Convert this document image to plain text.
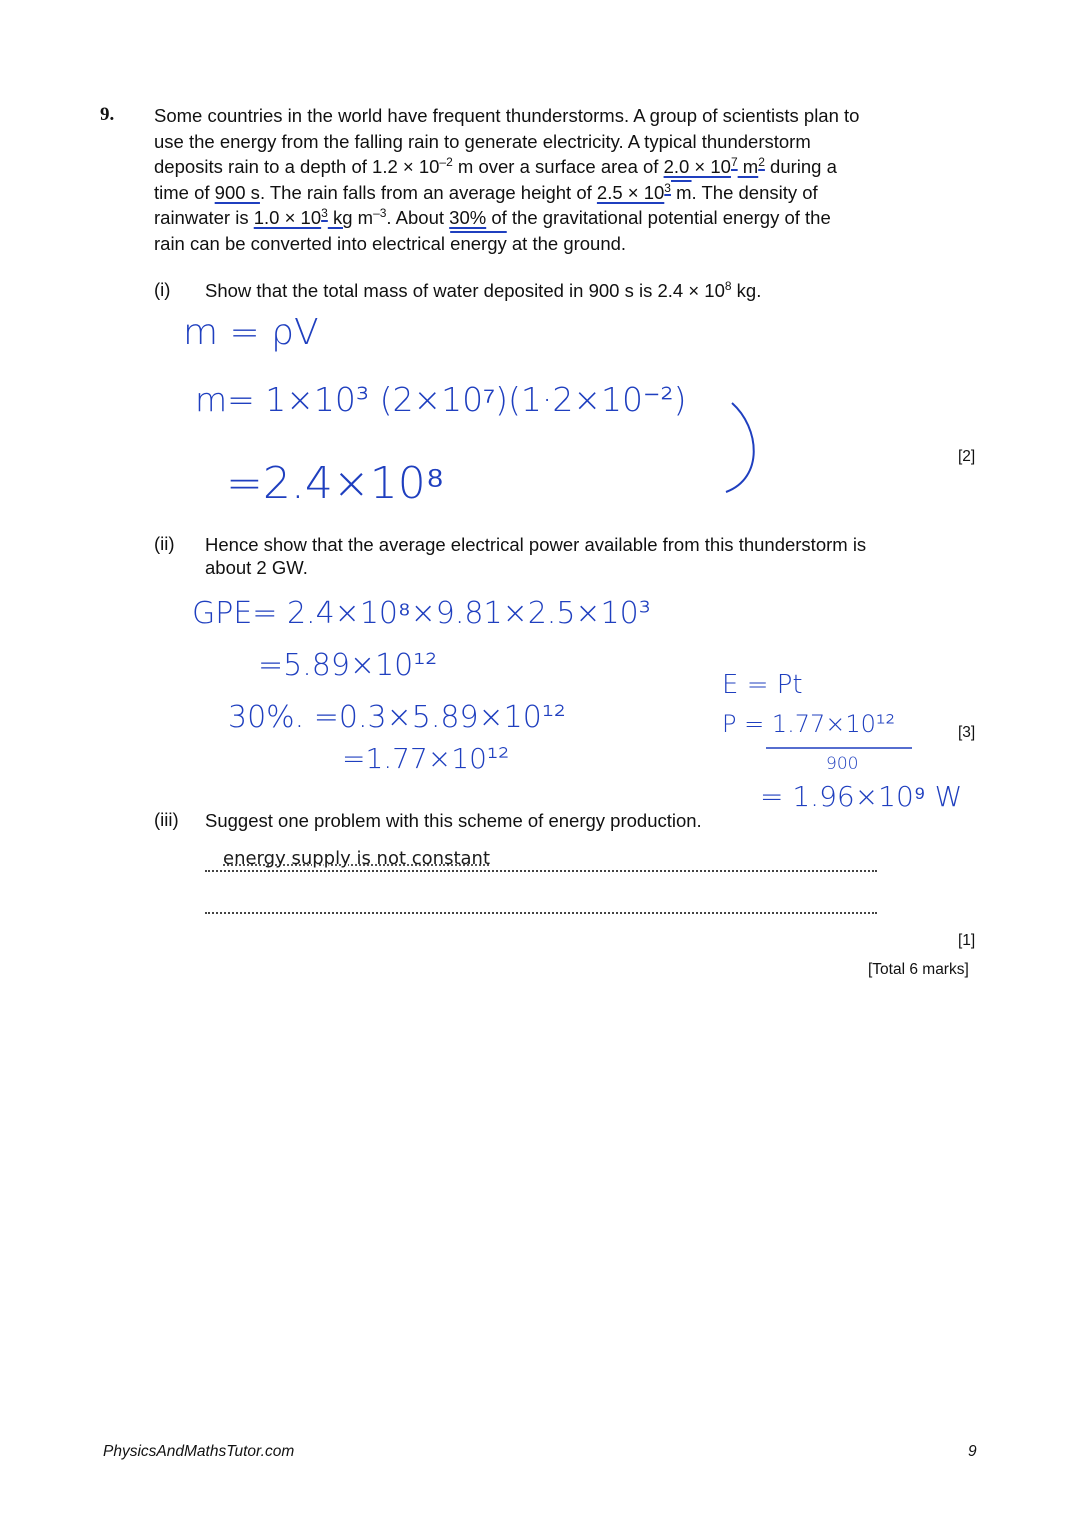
9. Some countries in the world have frequent thunderstorms. A group of scientists plan to
use the energy from the falling rain to generate electricity. A typical thunderstorm
deposits rain to a depth of $1.2 \times 10^{-2}$ m over a surface area of $2.0 \times 10^7$ $m^2$ during a
time of 900 s. The rain falls from an average height of $2.5 \times 10^3$ m. The density of
rainwater is $1.0 \times 10^3$ kg $m^{-3}$. About 30% of the gravitational potential energy of the
rain can be converted into electrical energy at the ground.
(i) Show that the total mass of water deposited in 900 s is $2.4 \times 10^8$ kg.
m = ρV
m= 1×10³ (2×10⁷)(1·2×10⁻²)
=2.4×10⁸
[2]
(ii) Hence show that the average electrical power available from this thunderstorm is
about 2 GW.
GPE= 2.4×10⁸×9.81×2.5×10³
=5.89×10¹²
30%. =0.3×5.89×10¹²
=1.77×10¹²
E = Pt
P = 1.77×10¹²
900
= 1.96×10⁹ W
[3]
(iii) Suggest one problem with this scheme of energy production.
energy supply is not constant
[1]
[Total 6 marks]
PhysicsAndMathsTutor.com	9
